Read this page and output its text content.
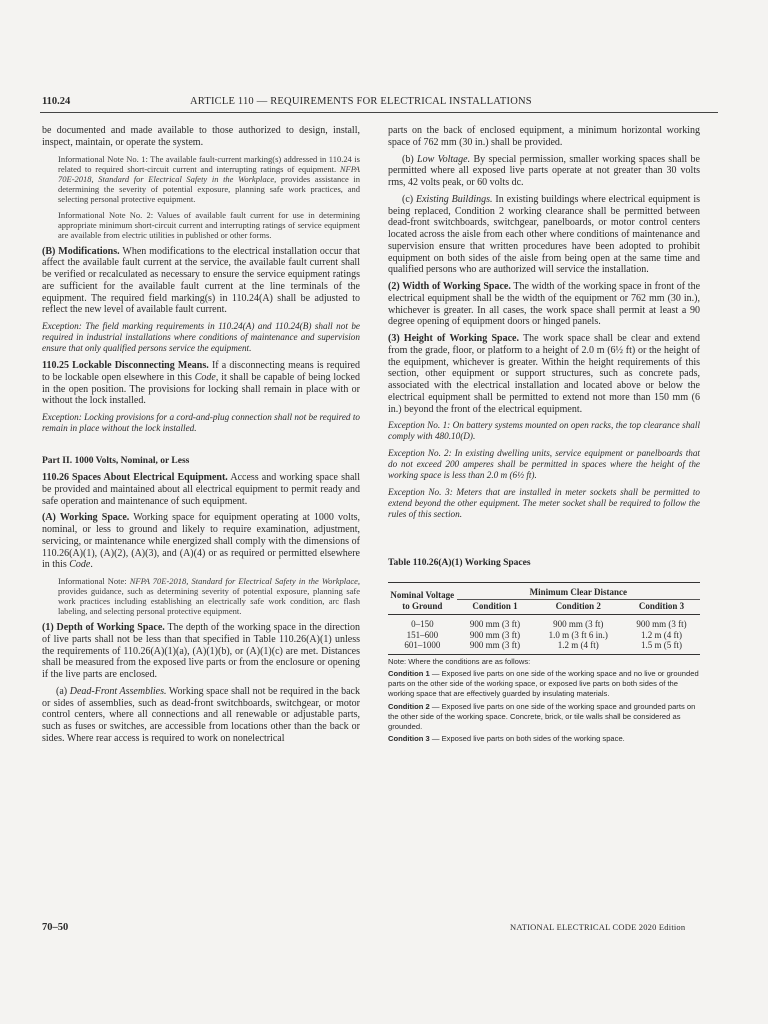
110.24	ARTICLE 110 — REQUIREMENTS FOR ELECTRICAL INSTALLATIONS

be documented and made available to those authorized to design, install, inspect, maintain, or operate the system.

Informational Note No. 1: The available fault-current marking(s) addressed in 110.24 is related to required short-circuit current and interrupting ratings of equipment. NFPA 70E-2018, Standard for Electrical Safety in the Workplace, provides assistance in determining the severity of potential exposure, planning safe work practices, and selecting personal protective equipment.

Informational Note No. 2: Values of available fault current for use in determining appropriate minimum short-circuit current and interrupting ratings of service equipment are available from electric utilities in published or other forms.

(B) Modifications. When modifications to the electrical installation occur that affect the available fault current at the service, the available fault current shall be verified or recalculated as necessary to ensure the service equipment ratings are sufficient for the available fault current at the line terminals of the equipment. The required field marking(s) in 110.24(A) shall be adjusted to reflect the new level of available fault current.

Exception: The field marking requirements in 110.24(A) and 110.24(B) shall not be required in industrial installations where conditions of maintenance and supervision ensure that only qualified persons service the equipment.

110.25 Lockable Disconnecting Means. If a disconnecting means is required to be lockable open elsewhere in this Code, it shall be capable of being locked in the open position. The provisions for locking shall remain in place with or without the lock installed.

Exception: Locking provisions for a cord-and-plug connection shall not be required to remain in place without the lock installed.

Part II. 1000 Volts, Nominal, or Less

110.26 Spaces About Electrical Equipment. Access and working space shall be provided and maintained about all electrical equipment to permit ready and safe operation and maintenance of such equipment.

(A) Working Space. Working space for equipment operating at 1000 volts, nominal, or less to ground and likely to require examination, adjustment, servicing, or maintenance while energized shall comply with the dimensions of 110.26(A)(1), (A)(2), (A)(3), and (A)(4) or as required or permitted elsewhere in this Code.

Informational Note: NFPA 70E-2018, Standard for Electrical Safety in the Workplace, provides guidance, such as determining severity of potential exposure, planning safe work practices including establishing an electrically safe work condition, arc flash labeling, and selecting personal protective equipment.

(1) Depth of Working Space. The depth of the working space in the direction of live parts shall not be less than that specified in Table 110.26(A)(1) unless the requirements of 110.26(A)(1)(a), (A)(1)(b), or (A)(1)(c) are met. Distances shall be measured from the exposed live parts or from the enclosure or opening if the live parts are enclosed.

(a) Dead-Front Assemblies. Working space shall not be required in the back or sides of assemblies, such as dead-front switchboards, switchgear, or motor control centers, where all connections and all renewable or adjustable parts, such as fuses or switches, are accessible from locations other than the back or sides. Where rear access is required to work on nonelectrical

parts on the back of enclosed equipment, a minimum horizontal working space of 762 mm (30 in.) shall be provided.

(b) Low Voltage. By special permission, smaller working spaces shall be permitted where all exposed live parts operate at not greater than 30 volts rms, 42 volts peak, or 60 volts dc.

(c) Existing Buildings. In existing buildings where electrical equipment is being replaced, Condition 2 working clearance shall be permitted between dead-front switchboards, switchgear, panelboards, or motor control centers located across the aisle from each other where conditions of maintenance and supervision ensure that written procedures have been adopted to prohibit equipment on both sides of the aisle from being open at the same time and qualified persons who are authorized will service the installation.

(2) Width of Working Space. The width of the working space in front of the electrical equipment shall be the width of the equipment or 762 mm (30 in.), whichever is greater. In all cases, the work space shall permit at least a 90 degree opening of equipment doors or hinged panels.

(3) Height of Working Space. The work space shall be clear and extend from the grade, floor, or platform to a height of 2.0 m (6½ ft) or the height of the equipment, whichever is greater. Within the height requirements of this section, other equipment or support structures, such as concrete pads, associated with the electrical installation and located above or below the electrical equipment shall be permitted to extend not more than 150 mm (6 in.) beyond the front of the electrical equipment.

Exception No. 1: On battery systems mounted on open racks, the top clearance shall comply with 480.10(D).

Exception No. 2: In existing dwelling units, service equipment or panelboards that do not exceed 200 amperes shall be permitted in spaces where the height of the working space is less than 2.0 m (6½ ft).

Exception No. 3: Meters that are installed in meter sockets shall be permitted to extend beyond the other equipment. The meter socket shall be required to follow the rules of this section.

Table 110.26(A)(1) Working Spaces
Nominal Voltage to Ground	Minimum Clear Distance		
	Condition 1	Condition 2	Condition 3
0–150	900 mm (3 ft)	900 mm (3 ft)	900 mm (3 ft)
151–600	900 mm (3 ft)	1.0 m (3 ft 6 in.)	1.2 m (4 ft)
601–1000	900 mm (3 ft)	1.2 m (4 ft)	1.5 m (5 ft)

Note: Where the conditions are as follows:

Condition 1 — Exposed live parts on one side of the working space and no live or grounded parts on the other side of the working space, or exposed live parts on both sides of the working space that are effectively guarded by insulating materials.

Condition 2 — Exposed live parts on one side of the working space and grounded parts on the other side of the working space. Concrete, brick, or tile walls shall be considered as grounded.

Condition 3 — Exposed live parts on both sides of the working space.

70–50	NATIONAL ELECTRICAL CODE 2020 Edition
